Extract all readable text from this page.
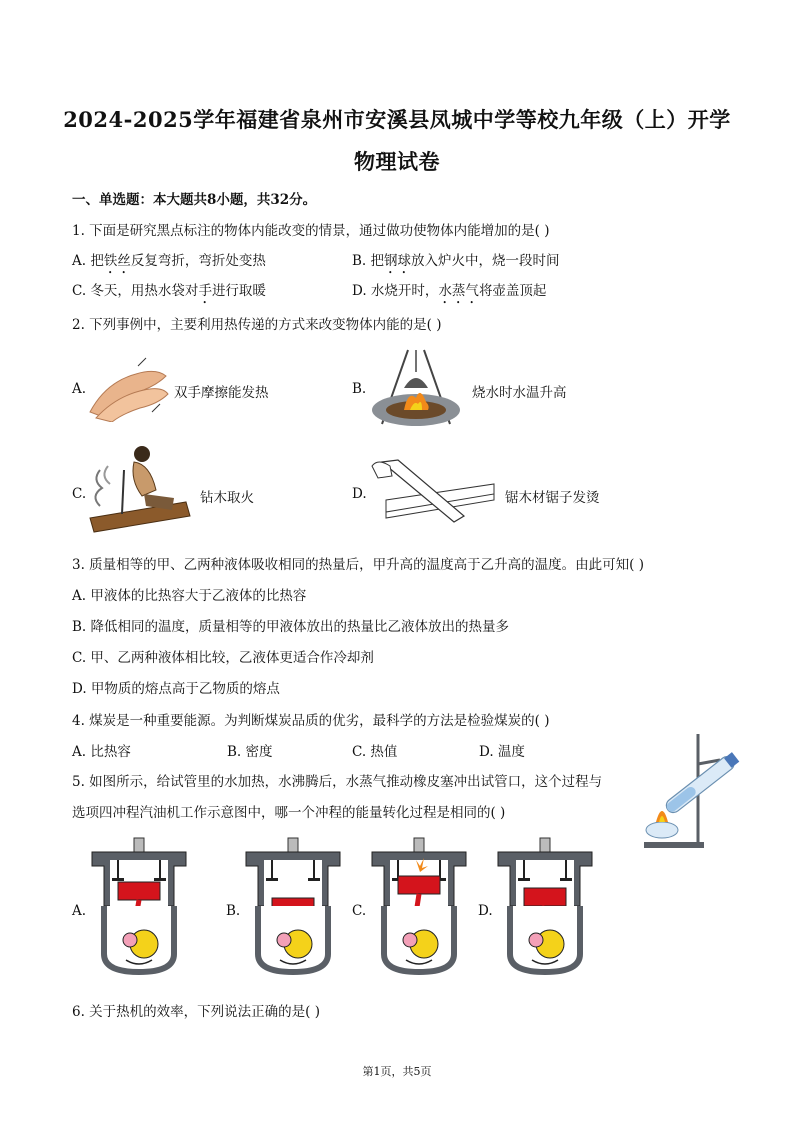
2024-2025学年福建省泉州市安溪县凤城中学等校九年级（上）开学
物理试卷
一、单选题：本大题共8小题，共32分。
1. 下面是研究黑点标注的物体内能改变的情景，通过做功使物体内能增加的是( )
A. 把铁丝反复弯折，弯折处变热	B. 把钢球放入炉火中，烧一段时间
C. 冬天，用热水袋对手进行取暖	D. 水烧开时，水蒸气将壶盖顶起
2. 下列事例中，主要利用热传递的方式来改变物体内能的是( )
A.	双手摩擦能发热	B.	烧水时水温升高
C.	钻木取火	D.	锯木材锯子发烫
3. 质量相等的甲、乙两种液体吸收相同的热量后，甲升高的温度高于乙升高的温度。由此可知( )
A. 甲液体的比热容大于乙液体的比热容
B. 降低相同的温度，质量相等的甲液体放出的热量比乙液体放出的热量多
C. 甲、乙两种液体相比较，乙液体更适合作冷却剂
D. 甲物质的熔点高于乙物质的熔点
4. 煤炭是一种重要能源。为判断煤炭品质的优劣，最科学的方法是检验煤炭的( )
A. 比热容	B. 密度	C. 热值	D. 温度
5. 如图所示，给试管里的水加热，水沸腾后，水蒸气推动橡皮塞冲出试管口，这个过程与
选项四冲程汽油机工作示意图中，哪一个冲程的能量转化过程是相同的( )
A.	B.	C.	D.
6. 关于热机的效率，下列说法正确的是( )
第1页，共5页
